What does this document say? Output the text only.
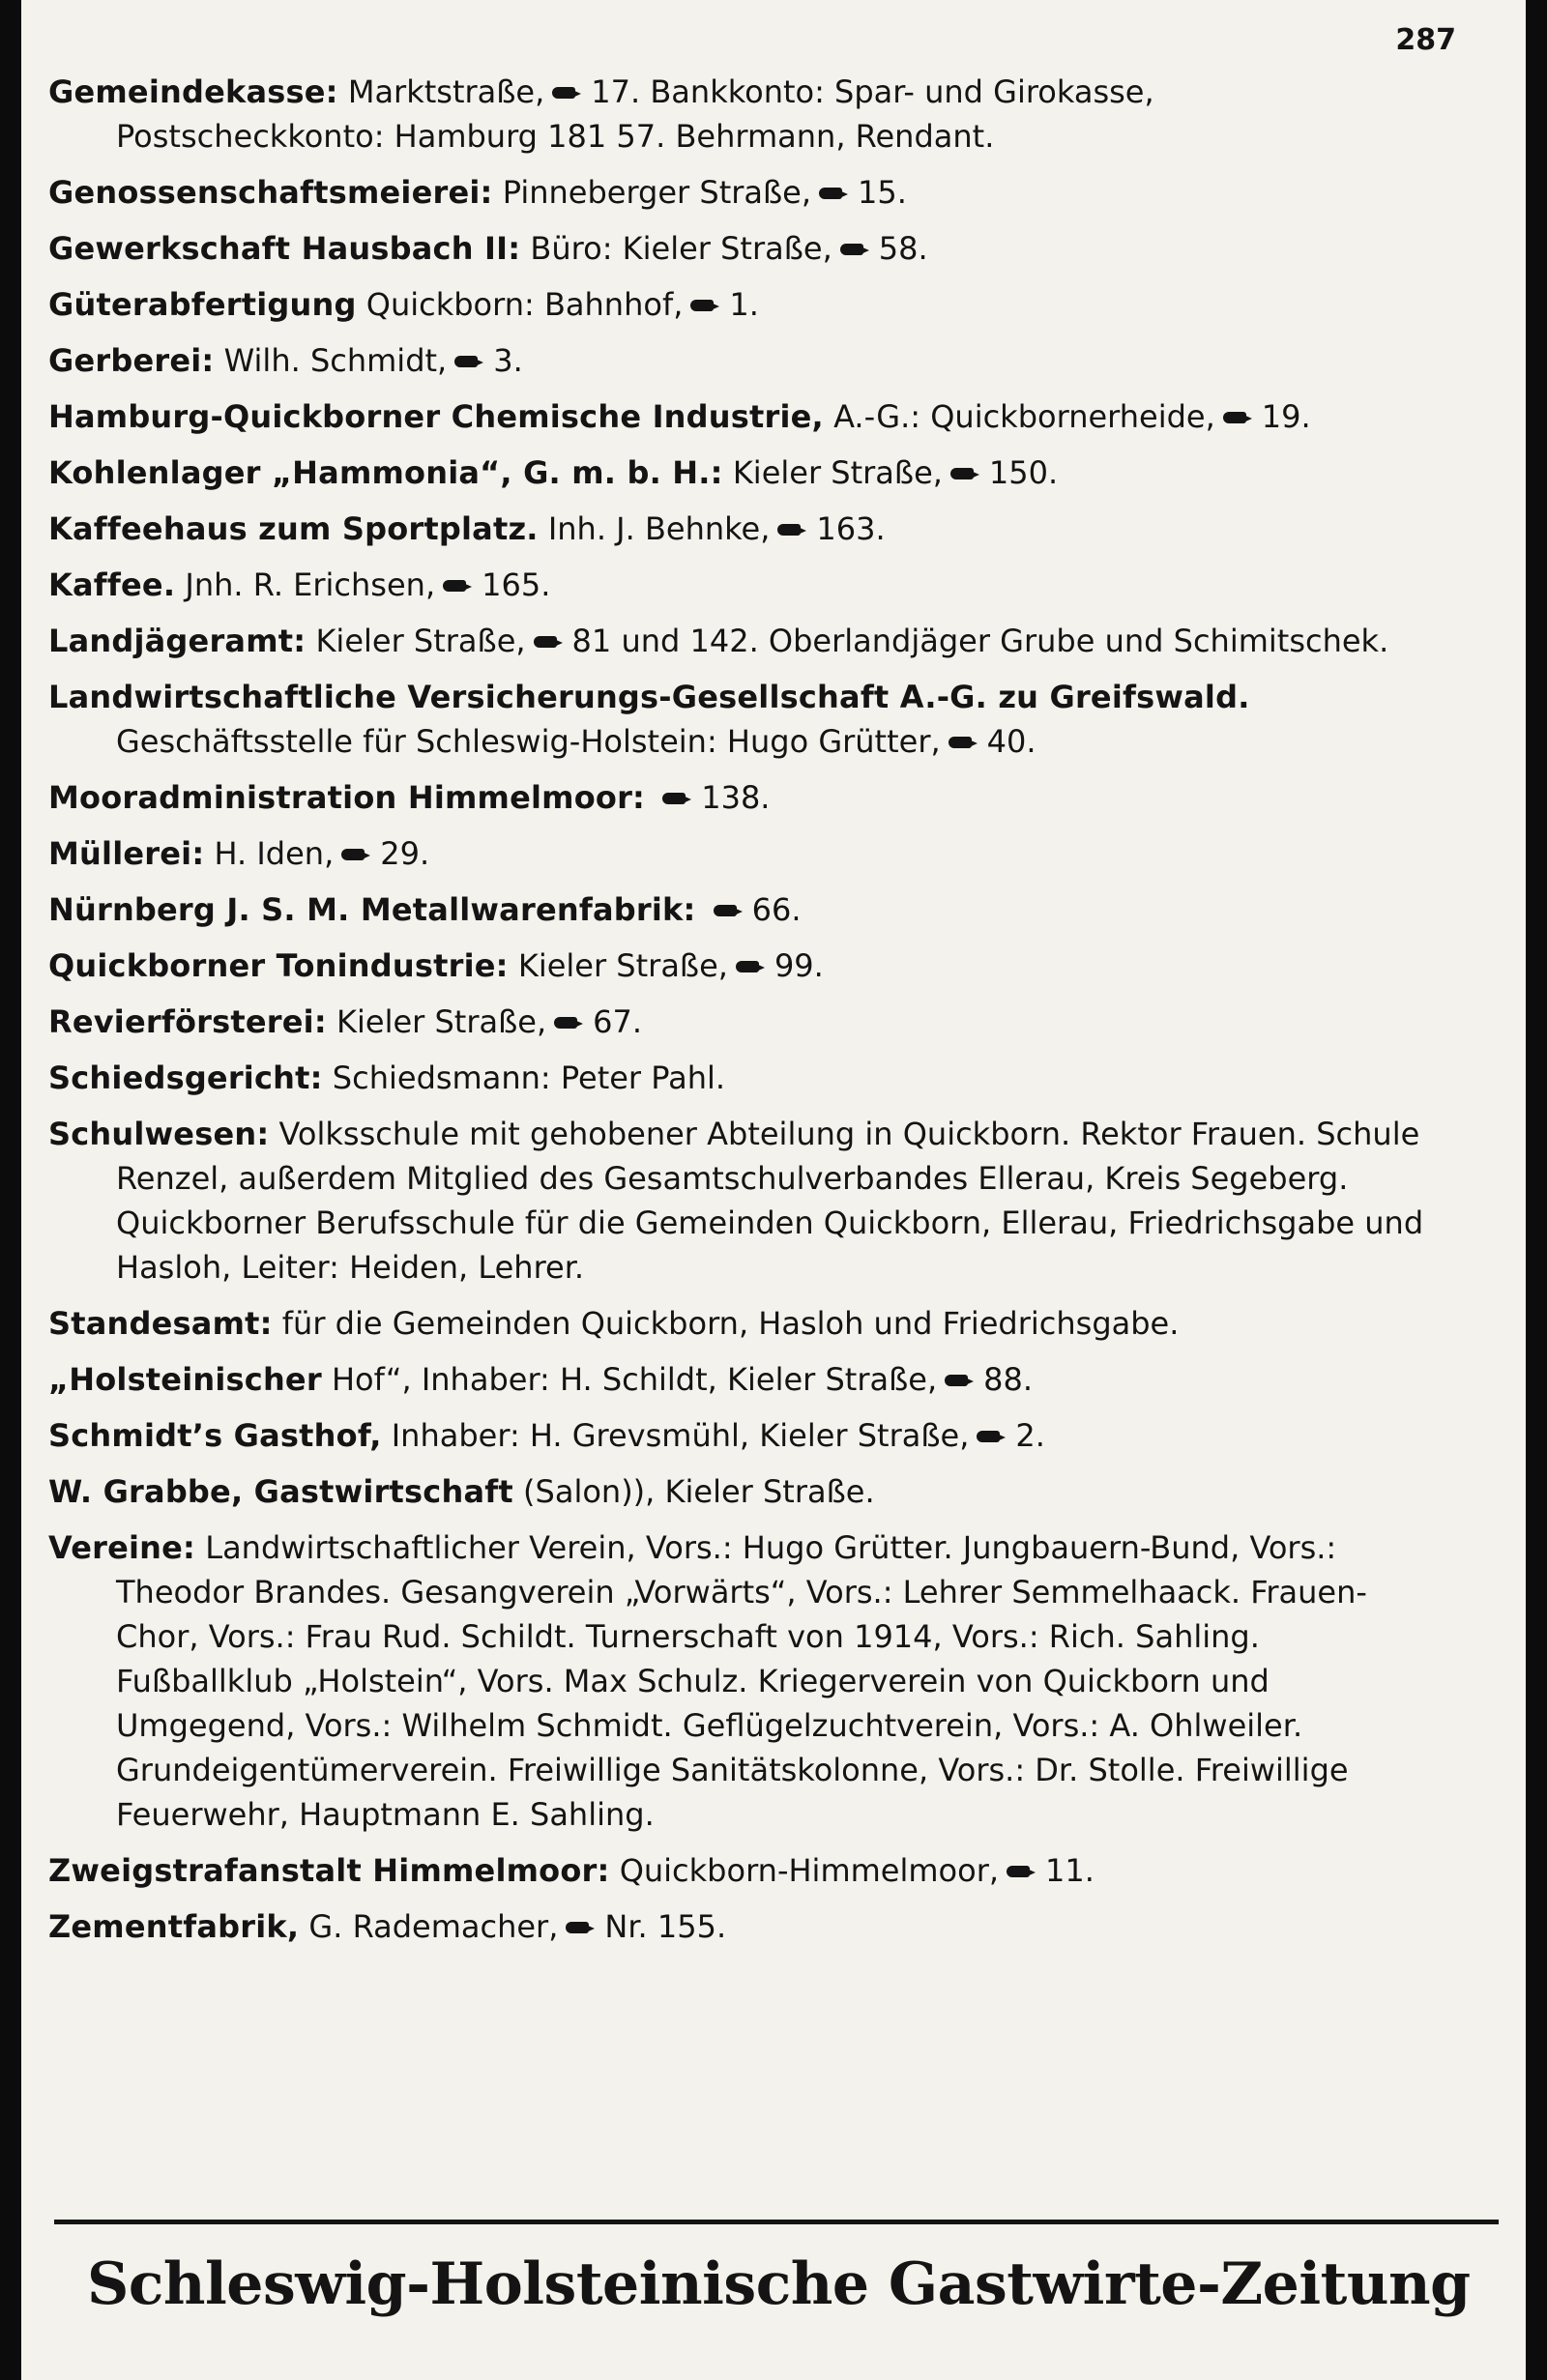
287

Gemeindekasse: Marktstraße, 17. Bankkonto: Spar- und Girokasse, Postscheckkonto: Hamburg 181 57. Behrmann, Rendant.

Genossenschaftsmeierei: Pinneberger Straße, 15.

Gewerkschaft Hausbach II: Büro: Kieler Straße, 58.

Güterabfertigung Quickborn: Bahnhof, 1.

Gerberei: Wilh. Schmidt, 3.

Hamburg-Quickborner Chemische Industrie, A.-G.: Quickbornerheide, 19.

Kohlenlager „Hammonia“, G. m. b. H.: Kieler Straße, 150.

Kaffeehaus zum Sportplatz. Inh. J. Behnke, 163.

Kaffee. Jnh. R. Erichsen, 165.

Landjägeramt: Kieler Straße, 81 und 142. Oberlandjäger Grube und Schimitschek.

Landwirtschaftliche Versicherungs-Gesellschaft A.-G. zu Greifswald. Geschäftsstelle für Schleswig-Holstein: Hugo Grütter, 40.

Mooradministration Himmelmoor: 138.

Müllerei: H. Iden, 29.

Nürnberg J. S. M. Metallwarenfabrik: 66.

Quickborner Tonindustrie: Kieler Straße, 99.

Revierförsterei: Kieler Straße, 67.

Schiedsgericht: Schiedsmann: Peter Pahl.

Schulwesen: Volksschule mit gehobener Abteilung in Quickborn. Rektor Frauen. Schule Renzel, außerdem Mitglied des Gesamtschulverbandes Ellerau, Kreis Segeberg. Quickborner Berufsschule für die Gemeinden Quickborn, Ellerau, Friedrichsgabe und Hasloh, Leiter: Heiden, Lehrer.

Standesamt: für die Gemeinden Quickborn, Hasloh und Friedrichsgabe.

„Holsteinischer Hof“, Inhaber: H. Schildt, Kieler Straße, 88.

Schmidt’s Gasthof, Inhaber: H. Grevsmühl, Kieler Straße, 2.

W. Grabbe, Gastwirtschaft (Salon)), Kieler Straße.

Vereine: Landwirtschaftlicher Verein, Vors.: Hugo Grütter. Jungbauern-Bund, Vors.: Theodor Brandes. Gesangverein „Vorwärts“, Vors.: Lehrer Semmelhaack. Frauen-Chor, Vors.: Frau Rud. Schildt. Turnerschaft von 1914, Vors.: Rich. Sahling. Fußballklub „Holstein“, Vors. Max Schulz. Kriegerverein von Quickborn und Umgegend, Vors.: Wilhelm Schmidt. Geflügelzuchtverein, Vors.: A. Ohlweiler. Grundeigentümerverein. Freiwillige Sanitätskolonne, Vors.: Dr. Stolle. Freiwillige Feuerwehr, Hauptmann E. Sahling.

Zweigstrafanstalt Himmelmoor: Quickborn-Himmelmoor, 11.

Zementfabrik, G. Rademacher, Nr. 155.

Schleswig-Holsteinische Gastwirte-Zeitung
